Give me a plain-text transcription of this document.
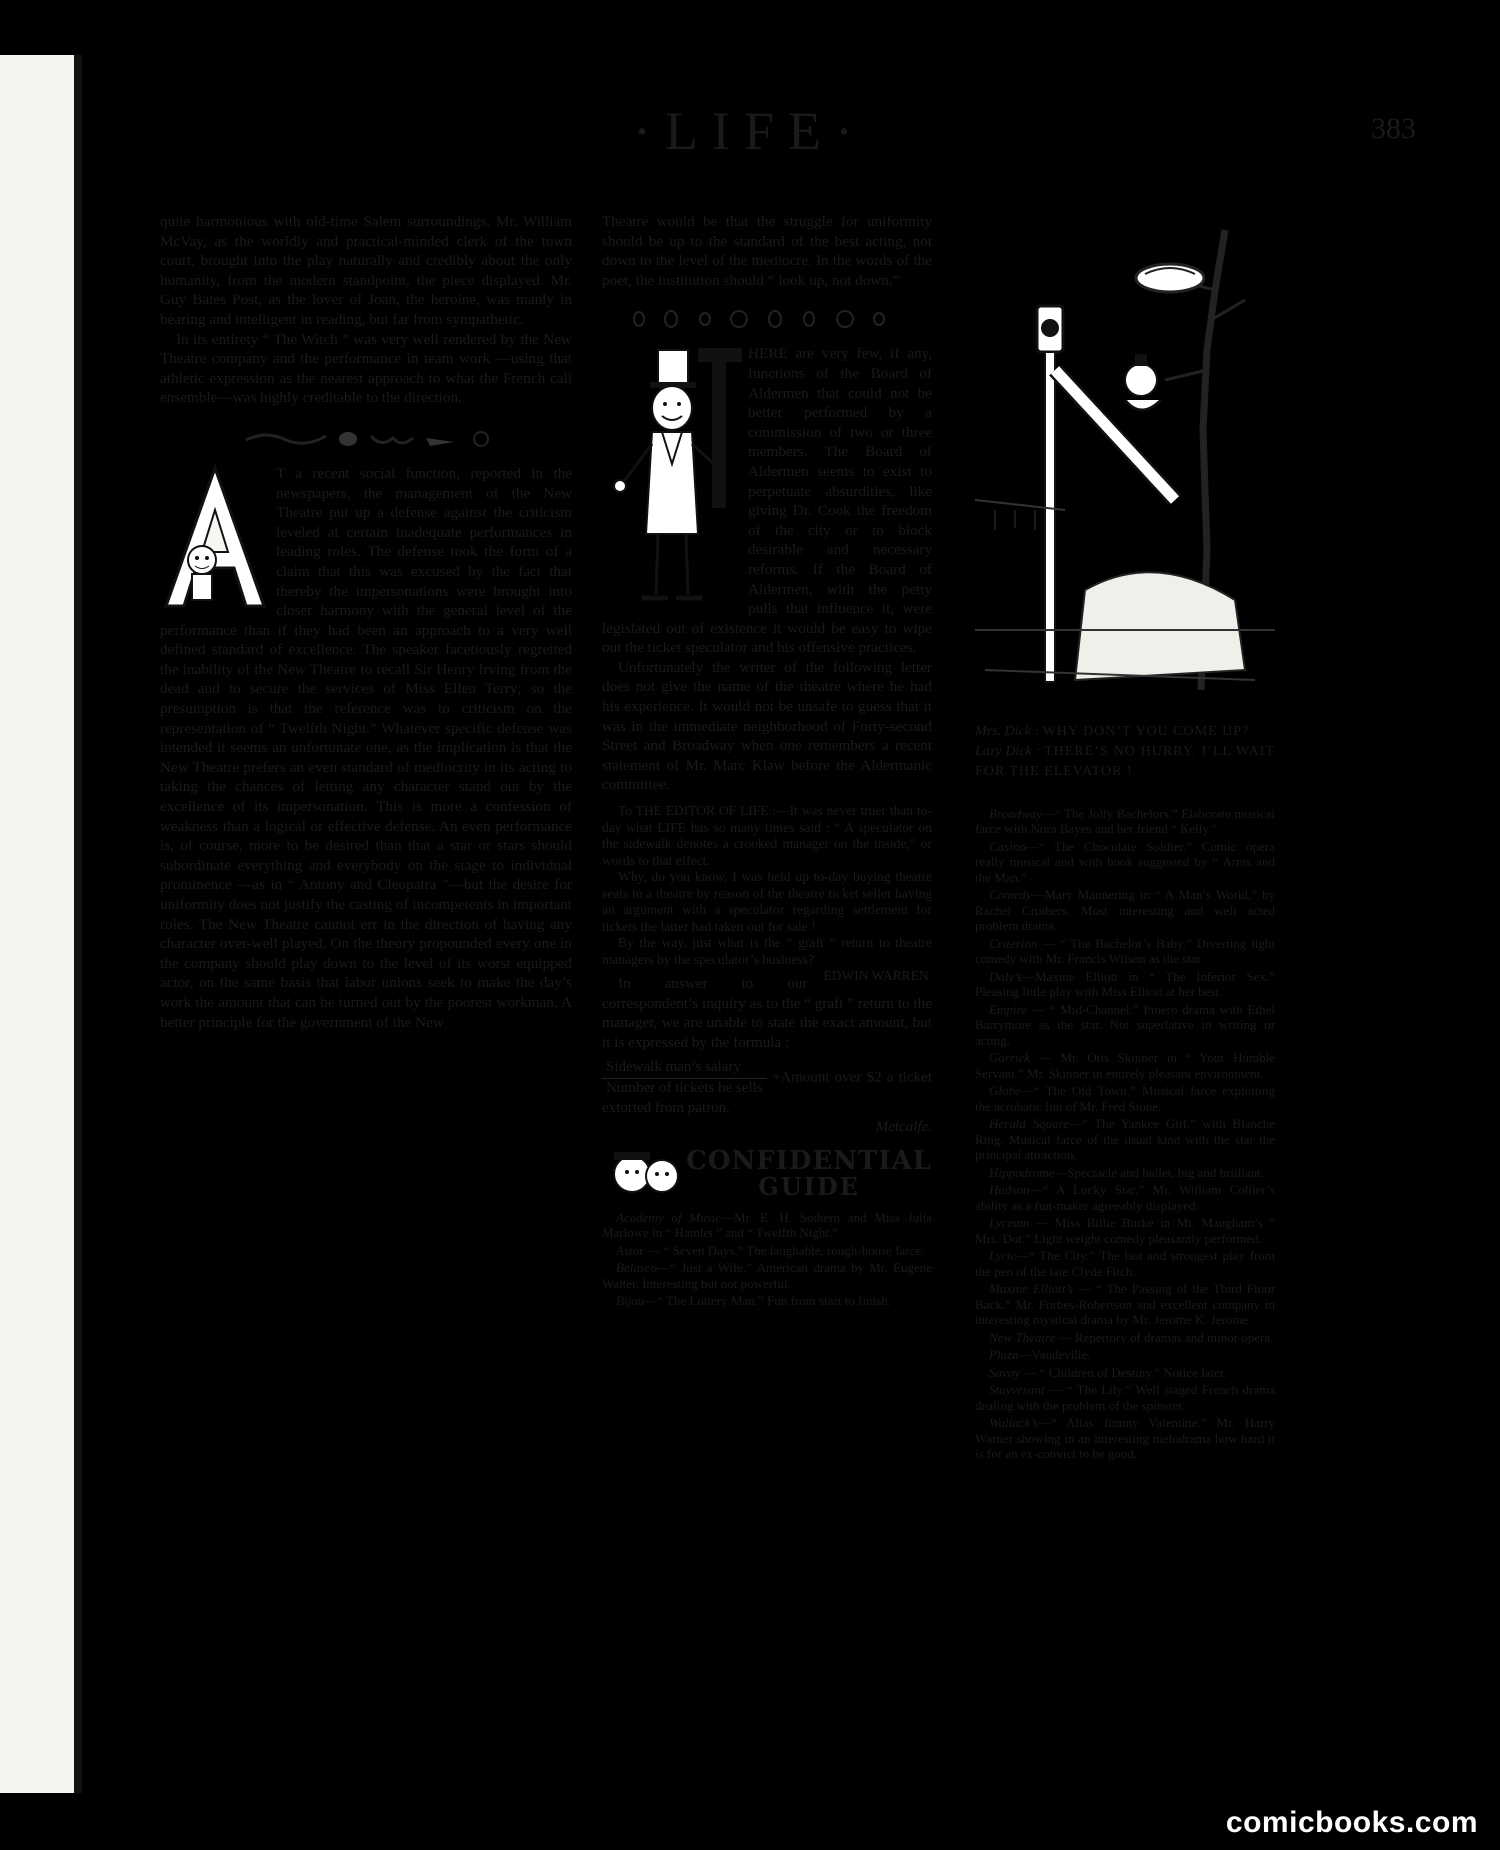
·LIFE·	383

quite harmonious with old-time Salem surroundings. Mr. William McVay, as the worldly and practical-minded clerk of the town court, brought into the play naturally and credibly about the only humanity, from the modern standpoint, the piece displayed. Mr. Guy Bates Post, as the lover of Joan, the heroine, was manly in bearing and intelligent in reading, but far from sympathetic.

In its entirety “ The Witch ” was very well rendered by the New Theatre company and the performance in team work —using that athletic expression as the nearest approach to what the French call ensemble—was highly creditable to the direction.

T a recent social function, reported in the newspapers, the management of the New Theatre put up a defense against the criticism leveled at certain inadequate performances in leading roles. The defense took the form of a claim that this was excused by the fact that thereby the impersonations were brought into closer harmony with the general level of the performance than if they had been an approach to a very well defined standard of excellence. The speaker facetiously regretted the inability of the New Theatre to recall Sir Henry Irving from the dead and to secure the services of Miss Ellen Terry; so the presumption is that the reference was to criticism on the representation of “ Twelfth Night.” Whatever specific defense was intended it seems an unfortunate one, as the implication is that the New Theatre prefers an even standard of mediocrity in its acting to taking the chances of letting any character stand out by the excellence of its impersonation. This is more a confession of weakness than a logical or effective defense. An even performance is, of course, more to be desired than that a star or stars should subordinate everything and everybody on the stage to individual prominence —as in “ Antony and Cleopatra ”—but the desire for uniformity does not justify the casting of incompetents in important roles. The New Theatre cannot err in the direction of having any character over-well played. On the theory propounded every one in the company should play down to the level of its worst equipped actor, on the same basis that labor unions seek to make the day’s work the amount that can be turned out by the poorest workman. A better principle for the government of the New

Theatre would be that the struggle for uniformity should be up to the standard of the best acting, not down to the level of the mediocre. In the words of the poet, the institution should “ look up, not down.”

HERE are very few, if any, functions of the Board of Aldermen that could not be better performed by a commission of two or three members. The Board of Aldermen seems to exist to perpetuate absurdities, like giving Dr. Cook the freedom of the city or to block desirable and necessary reforms. If the Board of Aldermen, with the petty pulls that influence it, were legislated out of existence it would be easy to wipe out the ticket speculator and his offensive practices.

Unfortunately the writer of the following letter does not give the name of the theatre where he had his experience. It would not be unsafe to guess that it was in the immediate neighborhood of Forty-second Street and Broadway when one remembers a recent statement of Mr. Marc Klaw before the Aldermanic committee.

To THE EDITOR OF LIFE :—It was never truer than to-day what LIFE has so many times said : “ A speculator on the sidewalk denotes a crooked manager on the inside,” or words to that effect.

Why, do you know, I was held up to-day buying theatre seats in a theatre by reason of the theatre ticket seller having an argument with a speculator regarding settlement for tickets the latter had taken out for sale !

By the way, just what is the “ graft ” return to theatre managers by the speculator’s business?
EDWIN WARREN.

In answer to our correspondent’s inquiry as to the “ graft ” return to the manager, we are unable to state the exact amount, but it is expressed by the formula :

$\frac{\text{Sidewalk man’s salary}}{\text{Number of tickets he sells}}$ +Amount over $2 a ticket extorted from patron.
Metcalfe.
CONFIDENTIAL
GUIDE

Academy of Music—Mr. E. H. Sothern and Miss Julia Marlowe in “ Hamlet ” and “ Twelfth Night.”

Astor — “ Seven Days.” The laughable, rough-house farce.

Belasco—“ Just a Wife.” American drama by Mr. Eugene Walter. Interesting but not powerful.

Bijou—“ The Lottery Man.” Fun from start to finish.

Mrs. Dick : WHY DON’T YOU COME UP?
Lazy Dick : THERE’S NO HURRY. I’LL WAIT FOR THE ELEVATOR !

Broadway—“ The Jolly Bachelors.” Elaborate musical farce with Nora Bayes and her friend “ Kelly.”

Casino—“ The Chocolate Soldier.” Comic opera really musical and with book suggested by “ Arms and the Man.”

Comedy—Mary Mannering in “ A Man’s World,” by Rachel Crothers. Most interesting and well acted problem drama.

Criterion — “ The Bachelor’s Baby.” Diverting light comedy with Mr. Francis Wilson as the star.

Daly’s—Maxine Elliott in “ The Inferior Sex.” Pleasing little play with Miss Elliott at her best.

Empire — “ Mid-Channel.” Pinero drama with Ethel Barrymore as the star. Not superlative in writing or acting.

Garrick — Mr. Otis Skinner in “ Your Humble Servant.” Mr. Skinner in entirely pleasant environment.

Globe—“ The Old Town.” Musical farce exploiting the acrobatic fun of Mr. Fred Stone.

Herald Square—“ The Yankee Girl,” with Blanche Ring. Musical farce of the usual kind with the star the principal attraction.

Hippodrome—Spectacle and ballet, big and brilliant.

Hudson—“ A Lucky Star.” Mr. William Collier’s ability as a fun-maker agreeably displayed.

Lyceum — Miss Billie Burke in Mr. Maugham’s “ Mrs. Dot.” Light weight comedy pleasantly performed.

Lyric—“ The City.” The last and strongest play from the pen of the late Clyde Fitch.

Maxine Elliott’s — “ The Passing of the Third Floor Back.” Mr. Forbes-Robertson and excellent company in interesting mystical drama by Mr. Jerome K. Jerome.

New Theatre — Repertory of dramas and minor opera.

Plaza—Vaudeville.

Savoy — “ Children of Destiny.” Notice later.

Stuyvesant — “ The Lily.” Well staged French drama dealing with the problem of the spinster.

Wallack’s—“ Alias Jimmy Valentine.” Mr. Harry Warner showing in an interesting melodrama how hard it is for an ex-convict to be good.

comicbooks.com
